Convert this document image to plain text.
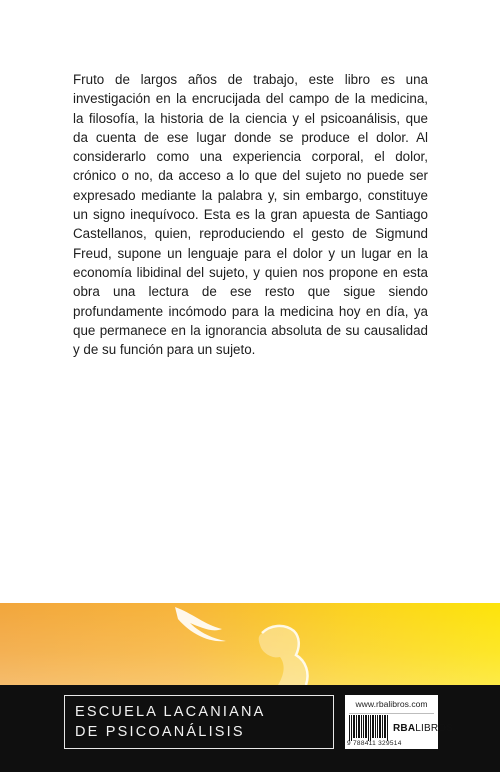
Fruto de largos años de trabajo, este libro es una investigación en la encrucijada del campo de la medicina, la filosofía, la historia de la ciencia y el psicoanálisis, que da cuenta de ese lugar donde se produce el dolor. Al considerarlo como una experiencia corporal, el dolor, crónico o no, da acceso a lo que del sujeto no puede ser expresado mediante la palabra y, sin embargo, constituye un signo inequívoco. Esta es la gran apuesta de Santiago Castellanos, quien, reproduciendo el gesto de Sigmund Freud, supone un lenguaje para el dolor y un lugar en la economía libidinal del sujeto, y quien nos propone en esta obra una lectura de ese resto que sigue siendo profundamente incómodo para la medicina hoy en día, ya que permanece en la ignorancia absoluta de su causalidad y de su función para un sujeto.

ESCUELA LACANIANA
DE PSICOANÁLISIS
www.rbalibros.com
9 788411 329514
RBALIBROS
